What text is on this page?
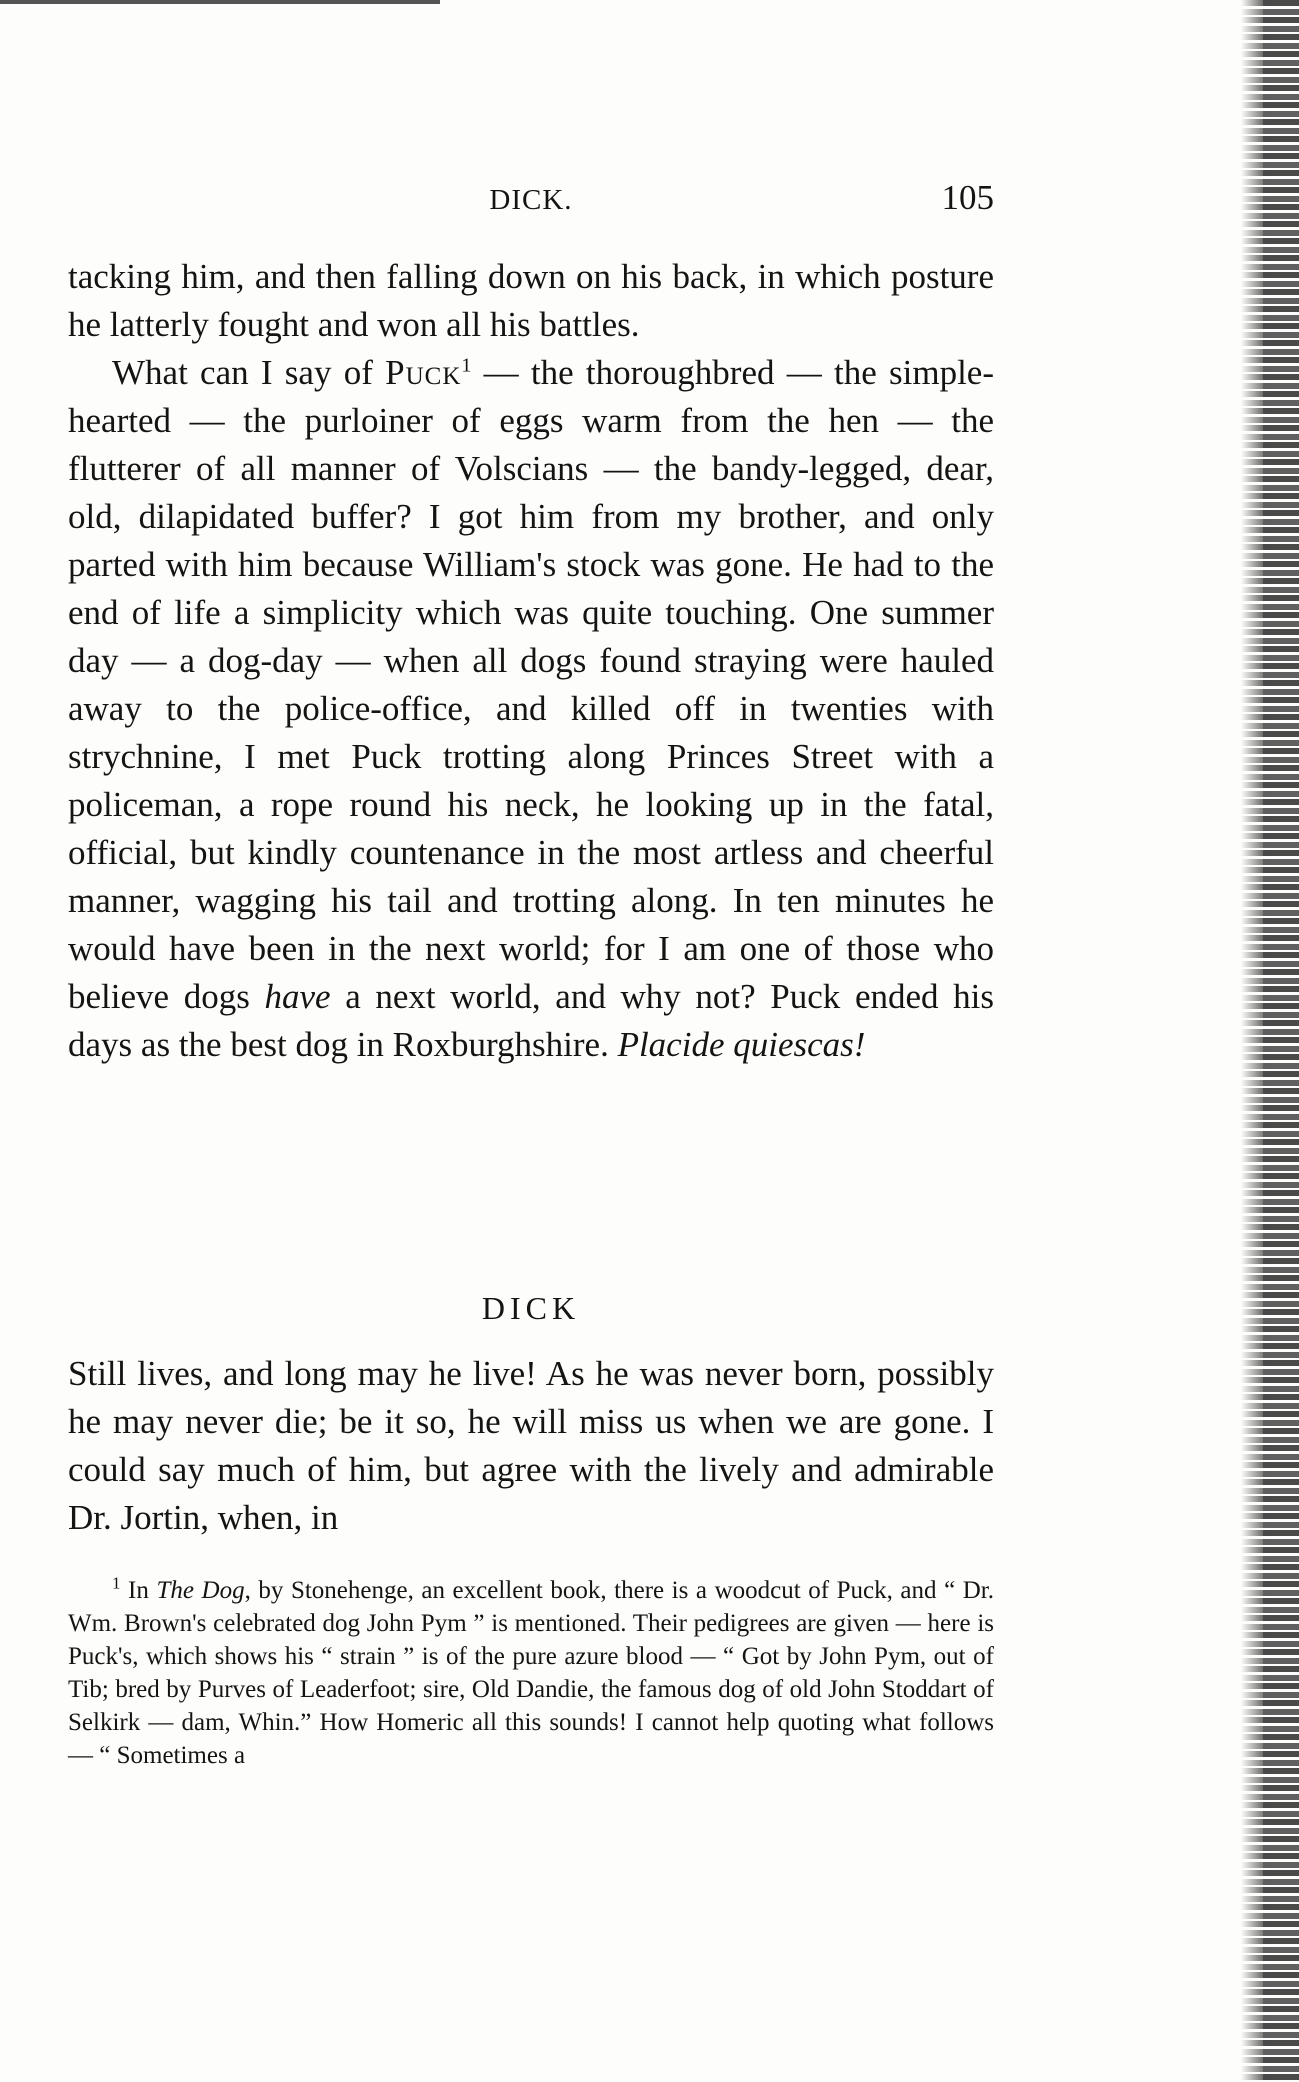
DICK.	105

tacking him, and then falling down on his back, in which posture he latterly fought and won all his battles.

What can I say of Puck$^1$ — the thoroughbred — the simple-hearted — the purloiner of eggs warm from the hen — the flutterer of all manner of Volscians — the bandy-legged, dear, old, dilapidated buffer? I got him from my brother, and only parted with him because William's stock was gone. He had to the end of life a simplicity which was quite touching. One summer day — a dog-day — when all dogs found straying were hauled away to the police-office, and killed off in twenties with strychnine, I met Puck trotting along Princes Street with a policeman, a rope round his neck, he looking up in the fatal, official, but kindly countenance in the most artless and cheerful manner, wagging his tail and trotting along. In ten minutes he would have been in the next world; for I am one of those who believe dogs have a next world, and why not? Puck ended his days as the best dog in Roxburghshire. Placide quiescas!

DICK

Still lives, and long may he live! As he was never born, possibly he may never die; be it so, he will miss us when we are gone. I could say much of him, but agree with the lively and admirable Dr. Jortin, when, in

$^1$ In The Dog, by Stonehenge, an excellent book, there is a woodcut of Puck, and “ Dr. Wm. Brown's celebrated dog John Pym ” is mentioned. Their pedigrees are given — here is Puck's, which shows his “ strain ” is of the pure azure blood — “ Got by John Pym, out of Tib; bred by Purves of Leaderfoot; sire, Old Dandie, the famous dog of old John Stoddart of Selkirk — dam, Whin.” How Homeric all this sounds! I cannot help quoting what follows — “ Sometimes a
